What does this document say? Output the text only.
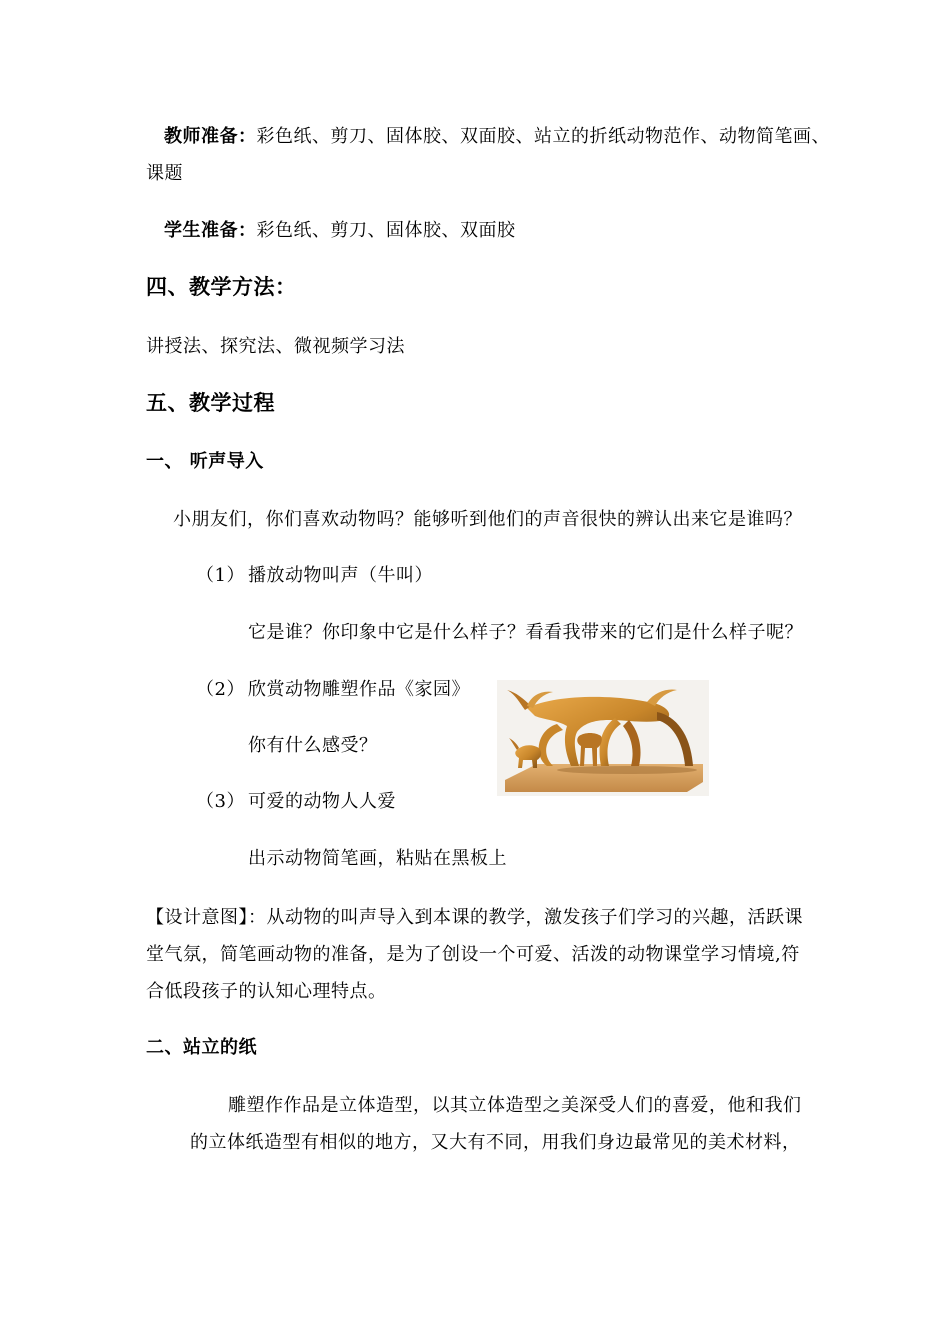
教师准备：彩色纸、剪刀、固体胶、双面胶、站立的折纸动物范作、动物简笔画、
课题
学生准备：彩色纸、剪刀、固体胶、双面胶
四、教学方法：
讲授法、探究法、微视频学习法
五、教学过程
一、 听声导入
小朋友们，你们喜欢动物吗？能够听到他们的声音很快的辨认出来它是谁吗？
（1） 播放动物叫声（牛叫）
它是谁？你印象中它是什么样子？看看我带来的它们是什么样子呢？
（2） 欣赏动物雕塑作品《家园》
你有什么感受？
（3） 可爱的动物人人爱
出示动物简笔画，粘贴在黑板上
【设计意图】：从动物的叫声导入到本课的教学，激发孩子们学习的兴趣，活跃课
堂气氛，简笔画动物的准备，是为了创设一个可爱、活泼的动物课堂学习情境,符
合低段孩子的认知心理特点。
二、站立的纸
雕塑作作品是立体造型，以其立体造型之美深受人们的喜爱，他和我们
的立体纸造型有相似的地方，又大有不同，用我们身边最常见的美术材料，
